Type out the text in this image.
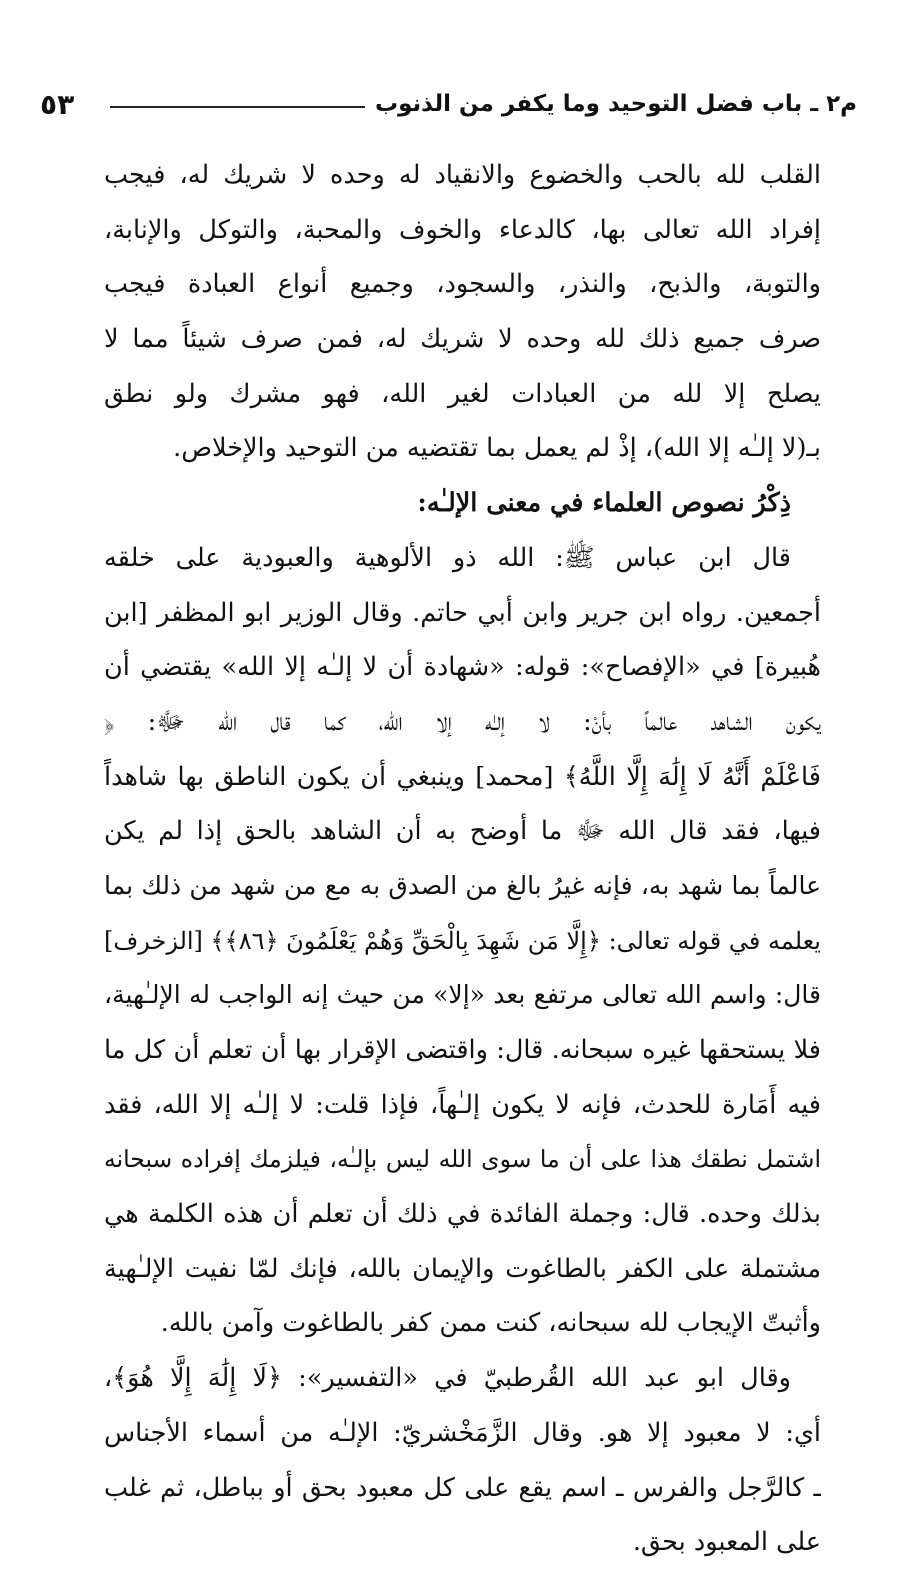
٥٣	م٢ ـ باب فضل التوحيد وما يكفر من الذنوب
القلب لله بالحب والخضوع والانقياد له وحده لا شريك له، فيجب
إفراد الله تعالى بها، كالدعاء والخوف والمحبة، والتوكل والإنابة،
والتوبة، والذبح، والنذر، والسجود، وجميع أنواع العبادة فيجب
صرف جميع ذلك لله وحده لا شريك له، فمن صرف شيئاً مما لا
يصلح إلا لله من العبادات لغير الله، فهو مشرك ولو نطق
بـ(لا إلـٰه إلا الله)، إذْ لم يعمل بما تقتضيه من التوحيد والإخلاص.
ذِكْرُ نصوص العلماء في معنى الإلـٰه:
قال ابن عباس ﷺ: الله ذو الألوهية والعبودية على خلقه
أجمعين. رواه ابن جرير وابن أبي حاتم. وقال الوزير ابو المظفر [ابن
هُبيرة] في «الإفصاح»: قوله: «شهادة أن لا إلـٰه إلا الله» يقتضي أن
يكون الشاهد عالماً بأنْ: لا إلـٰه إلا الله، كما قال الله ﷻ: ﴿
فَاعْلَمْ أَنَّهُ لَا إِلَٰهَ إِلَّا اللَّهُ﴾ [محمد] وينبغي أن يكون الناطق بها شاهداً
فيها، فقد قال الله ﷻ ما أوضح به أن الشاهد بالحق إذا لم يكن
عالماً بما شهد به، فإنه غيرُ بالغ من الصدق به مع من شهد من ذلك بما
يعلمه في قوله تعالى: ﴿إِلَّا مَن شَهِدَ بِالْحَقِّ وَهُمْ يَعْلَمُونَ ﴿٨٦﴾﴾ [الزخرف]
قال: واسم الله تعالى مرتفع بعد «إلا» من حيث إنه الواجب له الإلـٰهية،
فلا يستحقها غيره سبحانه. قال: واقتضى الإقرار بها أن تعلم أن كل ما
فيه أَمَارة للحدث، فإنه لا يكون إلـٰهاً، فإذا قلت: لا إلـٰه إلا الله، فقد
اشتمل نطقك هذا على أن ما سوى الله ليس بإلـٰه، فيلزمك إفراده سبحانه
بذلك وحده. قال: وجملة الفائدة في ذلك أن تعلم أن هذه الكلمة هي
مشتملة على الكفر بالطاغوت والإيمان بالله، فإنك لمّا نفيت الإلـٰهية
وأثبتّ الإيجاب لله سبحانه، كنت ممن كفر بالطاغوت وآمن بالله.
وقال ابو عبد الله القُرطبيّ في «التفسير»: ﴿لَا إِلَٰهَ إِلَّا هُوَ﴾،
أي: لا معبود إلا هو. وقال الزَّمَخْشريّ: الإلـٰه من أسماء الأجناس
ـ كالرَّجل والفرس ـ اسم يقع على كل معبود بحق أو بباطل، ثم غلب
على المعبود بحق.
